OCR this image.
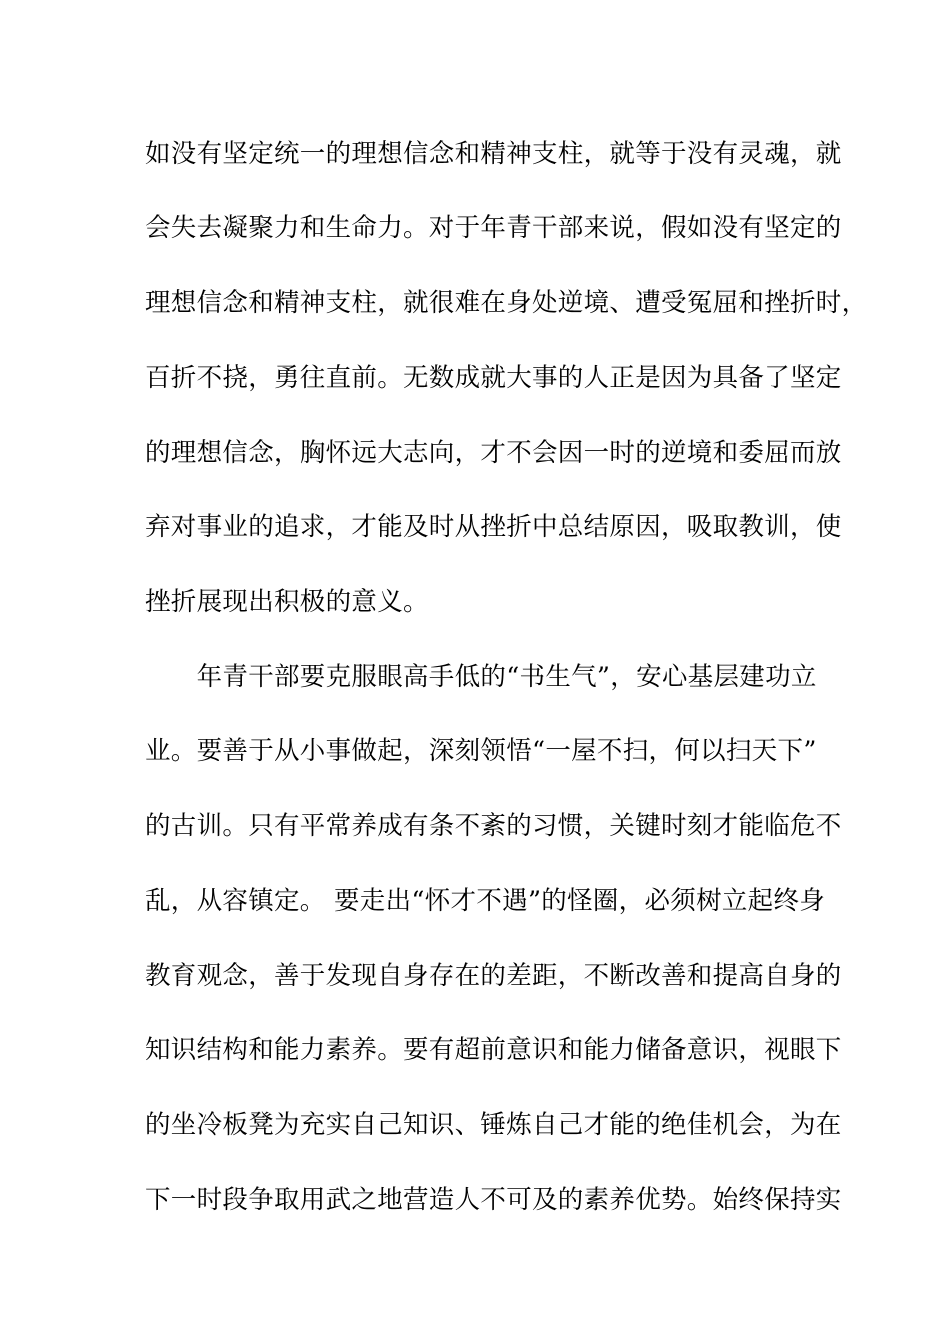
如没有坚定统一的理想信念和精神支柱，就等于没有灵魂，就
会失去凝聚力和生命力。对于年青干部来说，假如没有坚定的
理想信念和精神支柱，就很难在身处逆境、遭受冤屈和挫折时，
百折不挠，勇往直前。无数成就大事的人正是因为具备了坚定
的理想信念，胸怀远大志向，才不会因一时的逆境和委屈而放
弃对事业的追求，才能及时从挫折中总结原因，吸取教训，使
挫折展现出积极的意义。
　　年青干部要克服眼高手低的“书生气”，安心基层建功立
业。要善于从小事做起，深刻领悟“一屋不扫，何以扫天下”
的古训。只有平常养成有条不紊的习惯，关键时刻才能临危不
乱，从容镇定。 要走出“怀才不遇”的怪圈，必须树立起终身
教育观念，善于发现自身存在的差距，不断改善和提高自身的
知识结构和能力素养。要有超前意识和能力储备意识，视眼下
的坐冷板凳为充实自己知识、锤炼自己才能的绝佳机会，为在
下一时段争取用武之地营造人不可及的素养优势。始终保持实
